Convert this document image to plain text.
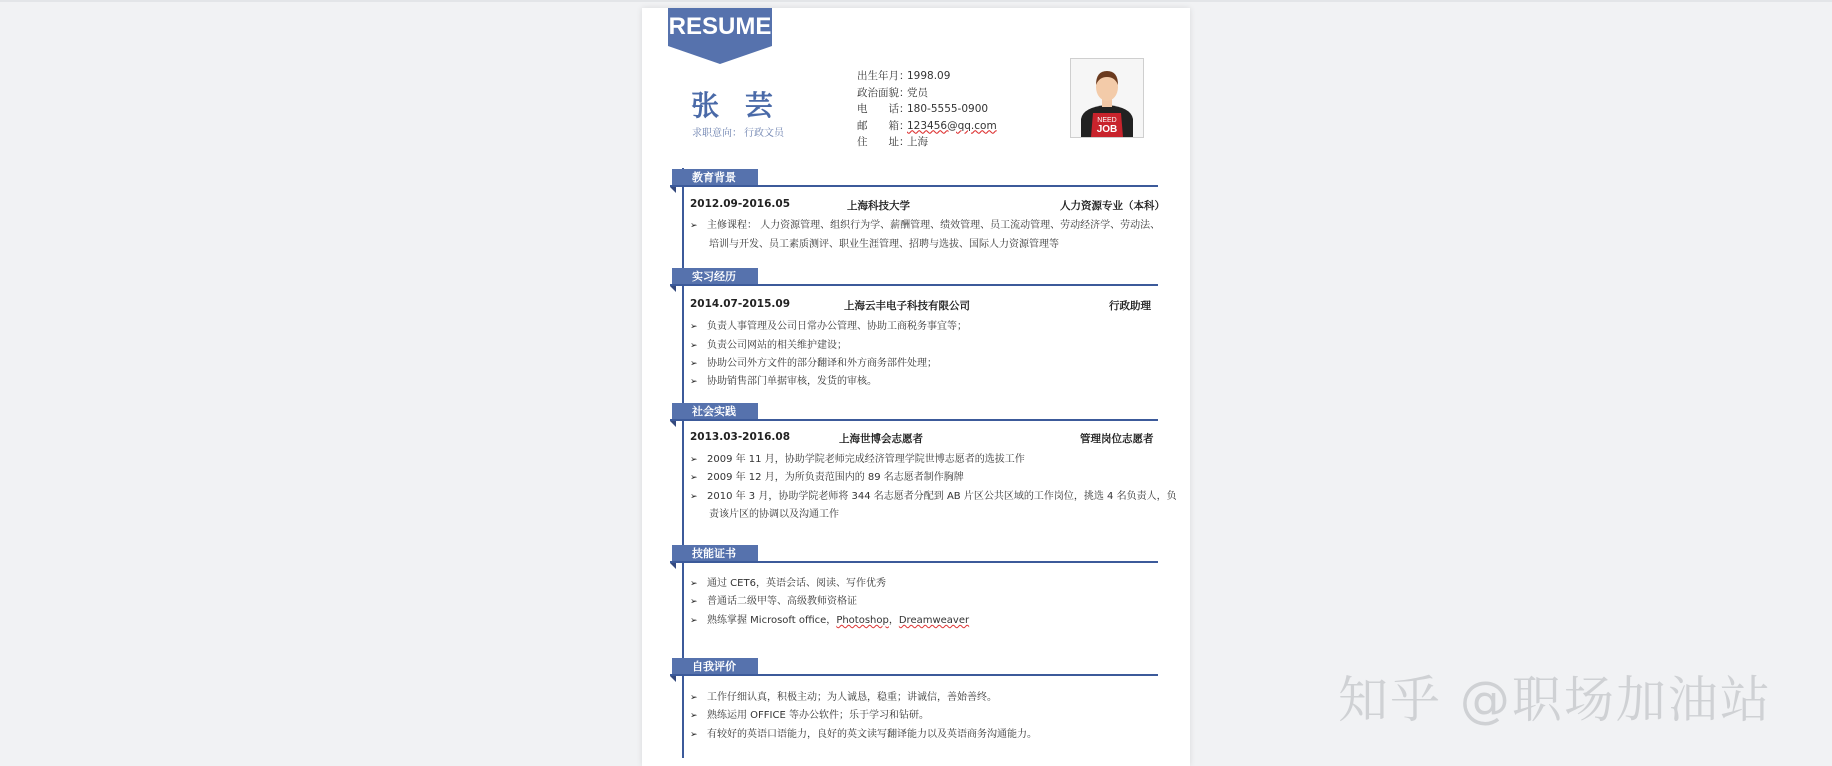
RESUME
张 芸
求职意向： 行政文员
出生年月：1998.09
政治面貌：党员
电　　话：180-5555-0900
邮　　箱：123456@qq.com
住　　址：上海
NEED
JOB
教育背景
2012.09-2016.05	上海科技大学	人力资源专业（本科）
➢ 主修课程： 人力资源管理、组织行为学、薪酬管理、绩效管理、员工流动管理、劳动经济学、劳动法、
培训与开发、员工素质测评、职业生涯管理、招聘与选拔、国际人力资源管理等
实习经历
2014.07-2015.09	上海云丰电子科技有限公司	行政助理
➢ 负责人事管理及公司日常办公管理、协助工商税务事宜等；
➢ 负责公司网站的相关维护建设；
➢ 协助公司外方文件的部分翻译和外方商务部件处理；
➢ 协助销售部门单据审核，发货的审核。
社会实践
2013.03-2016.08	上海世博会志愿者	管理岗位志愿者
➢ 2009 年 11 月，协助学院老师完成经济管理学院世博志愿者的选拔工作
➢ 2009 年 12 月，为所负责范围内的 89 名志愿者制作胸牌
➢ 2010 年 3 月，协助学院老师将 344 名志愿者分配到 AB 片区公共区域的工作岗位，挑选 4 名负责人，负
责该片区的协调以及沟通工作
技能证书
➢ 通过 CET6，英语会话、阅读、写作优秀
➢ 普通话二级甲等、高级教师资格证
➢ 熟练掌握 Microsoft office，Photoshop，Dreamweaver
自我评价
➢ 工作仔细认真，积极主动；为人诚恳，稳重；讲诚信，善始善终。
➢ 熟练运用 OFFICE 等办公软件；乐于学习和钻研。
➢ 有较好的英语口语能力，良好的英文读写翻译能力以及英语商务沟通能力。
知乎 @职场加油站
